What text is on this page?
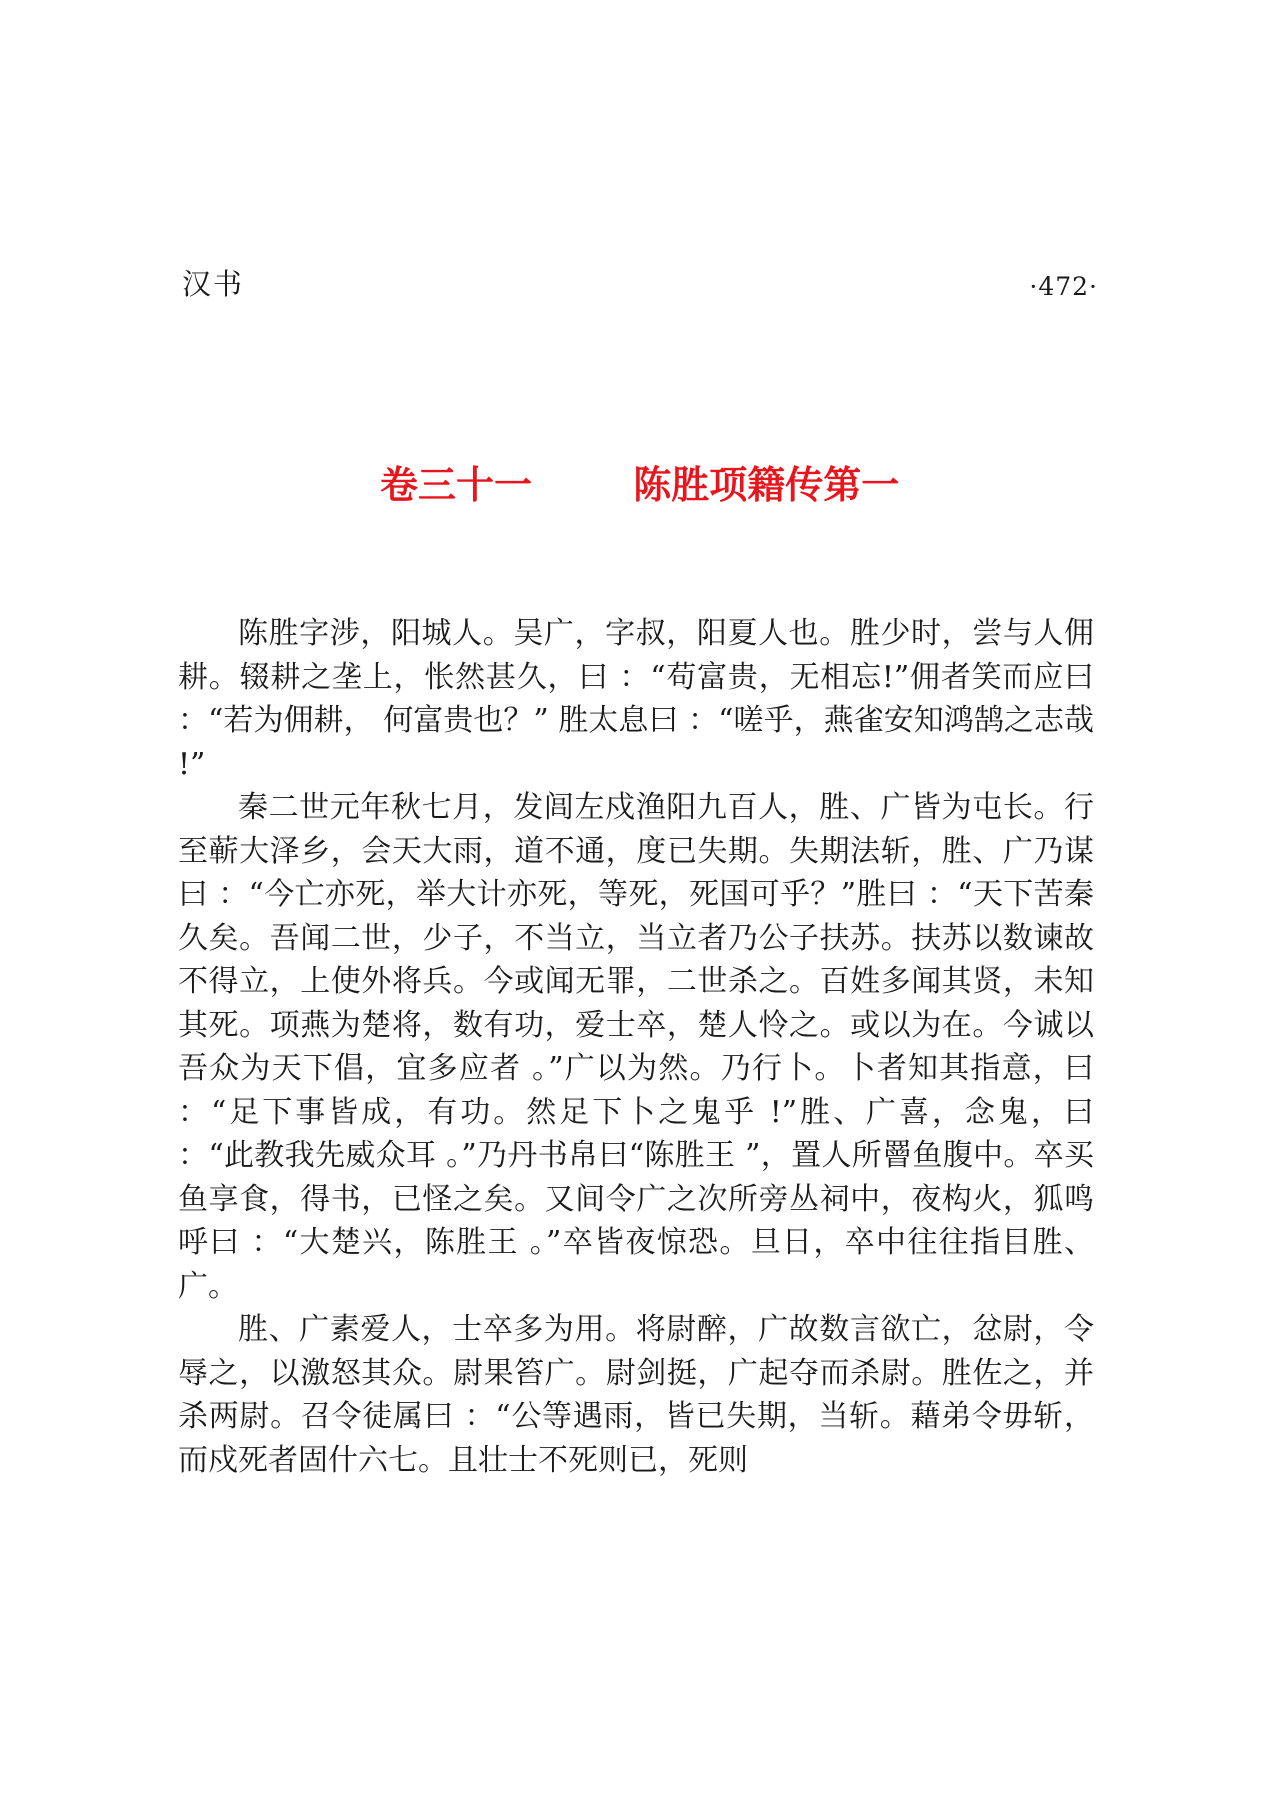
汉书	·472·
卷三十一	陈胜项籍传第一

陈胜字涉，阳城人。吴广，字叔，阳夏人也。胜少时，尝与人佣耕。辍耕之垄上，怅然甚久，曰 ：“苟富贵，无相忘!”佣者笑而应曰 ：“若为佣耕， 何富贵也？” 胜太息曰 ：“嗟乎，燕雀安知鸿鹄之志哉 !”

秦二世元年秋七月，发闾左戍渔阳九百人，胜、广皆为屯长。行至蕲大泽乡，会天大雨，道不通，度已失期。失期法斩，胜、广乃谋曰 ：“今亡亦死，举大计亦死，等死，死国可乎？”胜曰 ：“天下苦秦久矣。吾闻二世，少子，不当立，当立者乃公子扶苏。扶苏以数谏故不得立，上使外将兵。今或闻无罪，二世杀之。百姓多闻其贤，未知其死。项燕为楚将，数有功，爱士卒，楚人怜之。或以为在。今诚以吾众为天下倡，宜多应者 。”广以为然。乃行卜。卜者知其指意，曰 ：“足下事皆成，有功。然足下卜之鬼乎 !”胜、广喜，念鬼，曰 ：“此教我先威众耳 。”乃丹书帛曰“陈胜王 ”，置人所罾鱼腹中。卒买鱼享食，得书，已怪之矣。又间令广之次所旁丛祠中，夜构火，狐鸣呼曰 ：“大楚兴，陈胜王 。”卒皆夜惊恐。旦日，卒中往往指目胜、广。

胜、广素爱人，士卒多为用。将尉醉，广故数言欲亡，忿尉，令辱之，以激怒其众。尉果笞广。尉剑挺，广起夺而杀尉。胜佐之，并杀两尉。召令徒属曰 ：“公等遇雨，皆已失期，当斩。藉弟令毋斩，而戍死者固什六七。且壮士不死则已，死则
